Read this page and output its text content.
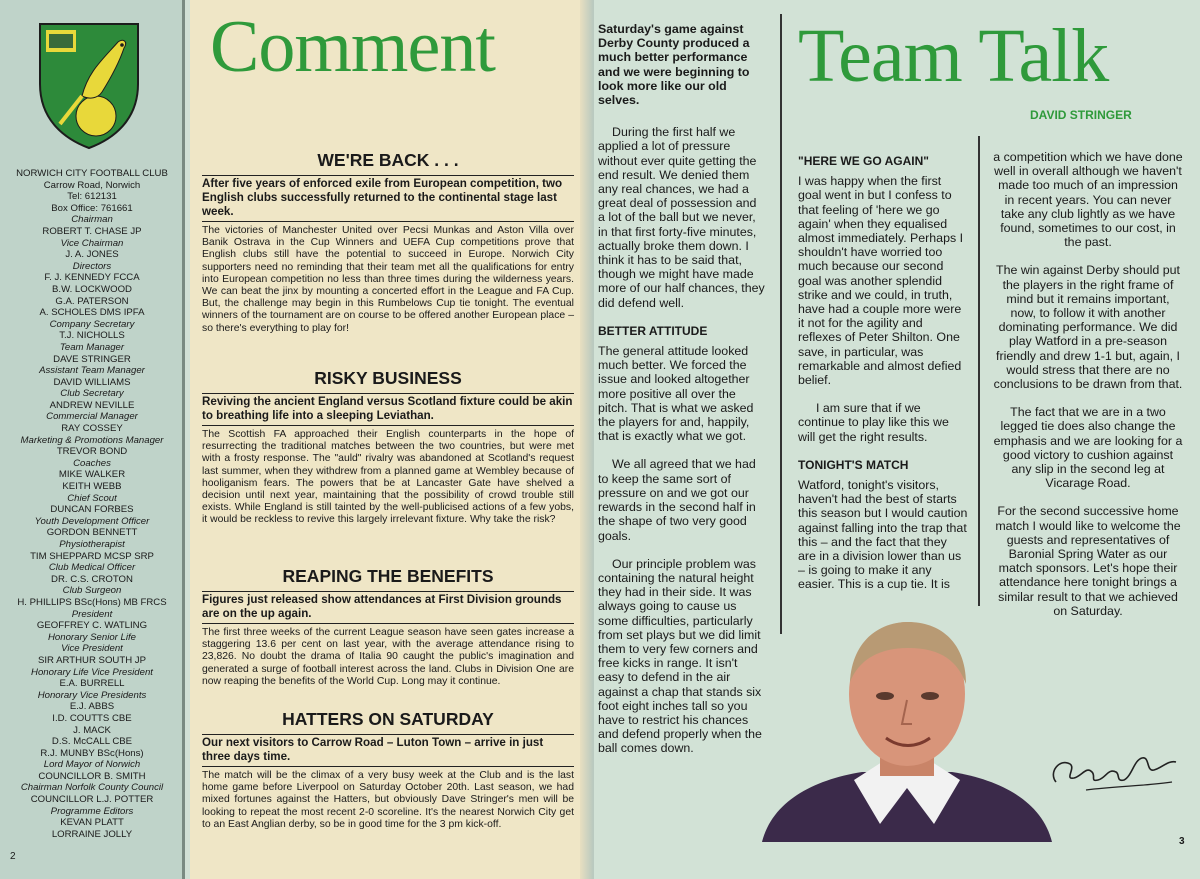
NORWICH CITY FOOTBALL CLUB
Carrow Road, Norwich
Tel: 612131
Box Office: 761661
Chairman
ROBERT T. CHASE JP
Vice Chairman
J. A. JONES
Directors
F. J. KENNEDY FCCA
B.W. LOCKWOOD
G.A. PATERSON
A. SCHOLES DMS IPFA
Company Secretary
T.J. NICHOLLS
Team Manager
DAVE STRINGER
Assistant Team Manager
DAVID WILLIAMS
Club Secretary
ANDREW NEVILLE
Commercial Manager
RAY COSSEY
Marketing & Promotions Manager
TREVOR BOND
Coaches
MIKE WALKER
KEITH WEBB
Chief Scout
DUNCAN FORBES
Youth Development Officer
GORDON BENNETT
Physiotherapist
TIM SHEPPARD MCSP SRP
Club Medical Officer
DR. C.S. CROTON
Club Surgeon
H. PHILLIPS BSc(Hons) MB FRCS
President
GEOFFREY C. WATLING
Honorary Senior Life
Vice President
SIR ARTHUR SOUTH JP
Honorary Life Vice President
E.A. BURRELL
Honorary Vice Presidents
E.J. ABBS
I.D. COUTTS CBE
J. MACK
D.S. McCALL CBE
R.J. MUNBY BSc(Hons)
Lord Mayor of Norwich
COUNCILLOR B. SMITH
Chairman Norfolk County Council
COUNCILLOR L.J. POTTER
Programme Editors
KEVAN PLATT
LORRAINE JOLLY
Comment
WE'RE BACK . . .
After five years of enforced exile from European competition, two English clubs successfully returned to the continental stage last week.
The victories of Manchester United over Pecsi Munkas and Aston Villa over Banik Ostrava in the Cup Winners and UEFA Cup competitions prove that English clubs still have the potential to succeed in Europe. Norwich City supporters need no reminding that their team met all the qualifications for entry into European competition no less than three times during the wilderness years. We can beat the jinx by mounting a concerted effort in the League and FA Cup. But, the challenge may begin in this Rumbelows Cup tie tonight. The eventual winners of the tournament are on course to be offered another European place – so there's everything to play for!
RISKY BUSINESS
Reviving the ancient England versus Scotland fixture could be akin to breathing life into a sleeping Leviathan.
The Scottish FA approached their English counterparts in the hope of resurrecting the traditional matches between the two countries, but were met with a frosty response. The "auld" rivalry was abandoned at Scotland's request last summer, when they withdrew from a planned game at Wembley because of hooliganism fears. The powers that be at Lancaster Gate have shelved a decision until next year, maintaining that the possibility of crowd trouble still exists. While England is still tainted by the well-publicised actions of a few yobs, it would be reckless to revive this largely irrelevant fixture. Why take the risk?
REAPING THE BENEFITS
Figures just released show attendances at First Division grounds are on the up again.
The first three weeks of the current League season have seen gates increase a staggering 13.6 per cent on last year, with the average attendance rising to 23,826. No doubt the drama of Italia 90 caught the public's imagination and generated a surge of football interest across the land. Clubs in Division One are now reaping the benefits of the World Cup. Long may it continue.
HATTERS ON SATURDAY
Our next visitors to Carrow Road – Luton Town – arrive in just three days time.
The match will be the climax of a very busy week at the Club and is the last home game before Liverpool on Saturday October 20th. Last season, we had mixed fortunes against the Hatters, but obviously Dave Stringer's men will be looking to repeat the most recent 2-0 scoreline. It's the nearest Norwich City get to an East Anglian derby, so be in good time for the 3 pm kick-off.
2
Saturday's game against Derby County produced a much better performance and we were beginning to look more like our old selves.

During the first half we applied a lot of pressure without ever quite getting the end result. We denied them any real chances, we had a great deal of possession and a lot of the ball but we never, in that first forty-five minutes, actually broke them down. I think it has to be said that, though we might have made more of our half chances, they did defend well.

BETTER ATTITUDE

The general attitude looked much better. We forced the issue and looked altogether more positive all over the pitch. That is what we asked the players for and, happily, that is exactly what we got.

We all agreed that we had to keep the same sort of pressure on and we got our rewards in the second half in the shape of two very good goals.

Our principle problem was containing the natural height they had in their side. It was always going to cause us some difficulties, particularly from set plays but we did limit them to very few corners and free kicks in range. It isn't easy to defend in the air against a chap that stands six foot eight inches tall so you have to restrict his chances and defend properly when the ball comes down.

Team Talk
DAVID STRINGER
"HERE WE GO AGAIN"

I was happy when the first goal went in but I confess to that feeling of 'here we go again' when they equalised almost immediately. Perhaps I shouldn't have worried too much because our second goal was another splendid strike and we could, in truth, have had a couple more were it not for the agility and reflexes of Peter Shilton. One save, in particular, was remarkable and almost defied belief.

I am sure that if we continue to play like this we will get the right results.

TONIGHT'S MATCH

Watford, tonight's visitors, haven't had the best of starts this season but I would caution against falling into the trap that this – and the fact that they are in a division lower than us – is going to make it any easier. This is a cup tie. It is

a competition which we have done well in overall although we haven't made too much of an impression in recent years. You can never take any club lightly as we have found, sometimes to our cost, in the past.

The win against Derby should put the players in the right frame of mind but it remains important, now, to follow it with another dominating performance. We did play Watford in a pre-season friendly and drew 1-1 but, again, I would stress that there are no conclusions to be drawn from that.

The fact that we are in a two legged tie does also change the emphasis and we are looking for a good victory to cushion against any slip in the second leg at Vicarage Road.

For the second successive home match I would like to welcome the guests and representatives of Baronial Spring Water as our match sponsors. Let's hope their attendance here tonight brings a similar result to that we achieved on Saturday.

3
